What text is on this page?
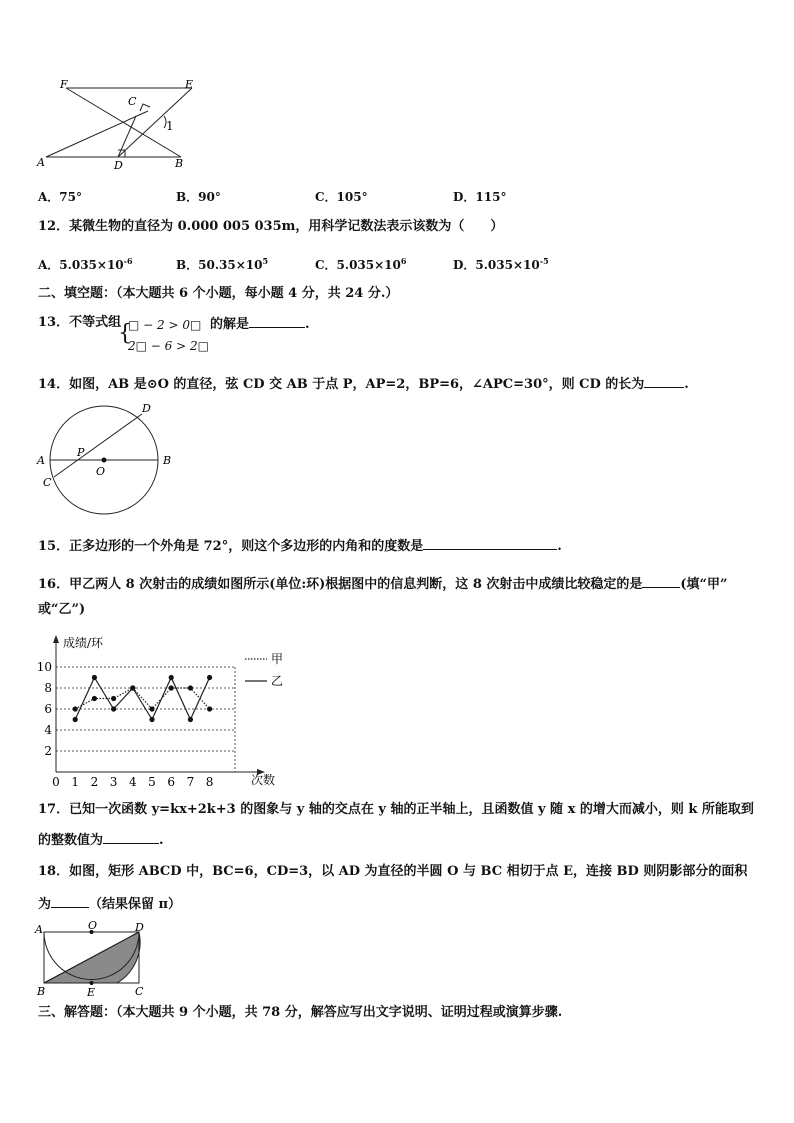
F	E
C
1
A	D	B
A．75°	B．90°	C．105°	D．115°
12．某微生物的直径为 0.000 005 035m，用科学记数法表示该数为（　　）
A．$5.035\times 10^{-6}$	B．$50.35\times 10^5$	C．$5.035\times 10^6$	D．$5.035\times 10^{-5}$
二、填空题：（本大题共 6 个小题，每小题 4 分，共 24 分.）
13．不等式组
{
□ − 2 > 0□
2□ − 6 > 2□
的解是	.
14．如图，AB 是⊙O 的直径，弦 CD 交 AB 于点 P，AP=2，BP=6，∠APC=30°，则 CD 的长为	.
A	B
C
D
P
O
15．正多边形的一个外角是 72°，则这个多边形的内角和的度数是	.
16．甲乙两人 8 次射击的成绩如图所示(单位:环)根据图中的信息判断，这 8 次射击中成绩比较稳定的是	(填“甲”
或“乙”)
成绩/环
次数
甲
乙
2
4
6
8
10
0 1 2 3 4 5 6 7 8
17．已知一次函数 y=kx+2k+3 的图象与 y 轴的交点在 y 轴的正半轴上，且函数值 y 随 x 的增大而减小，则 k 所能取到
的整数值为	.
18．如图，矩形 ABCD 中，BC=6，CD=3，以 AD 为直径的半圆 O 与 BC 相切于点 E，连接 BD 则阴影部分的面积
为	（结果保留 π）
A	O	D
B	E	C
三、解答题：（本大题共 9 个小题，共 78 分，解答应写出文字说明、证明过程或演算步骤.
